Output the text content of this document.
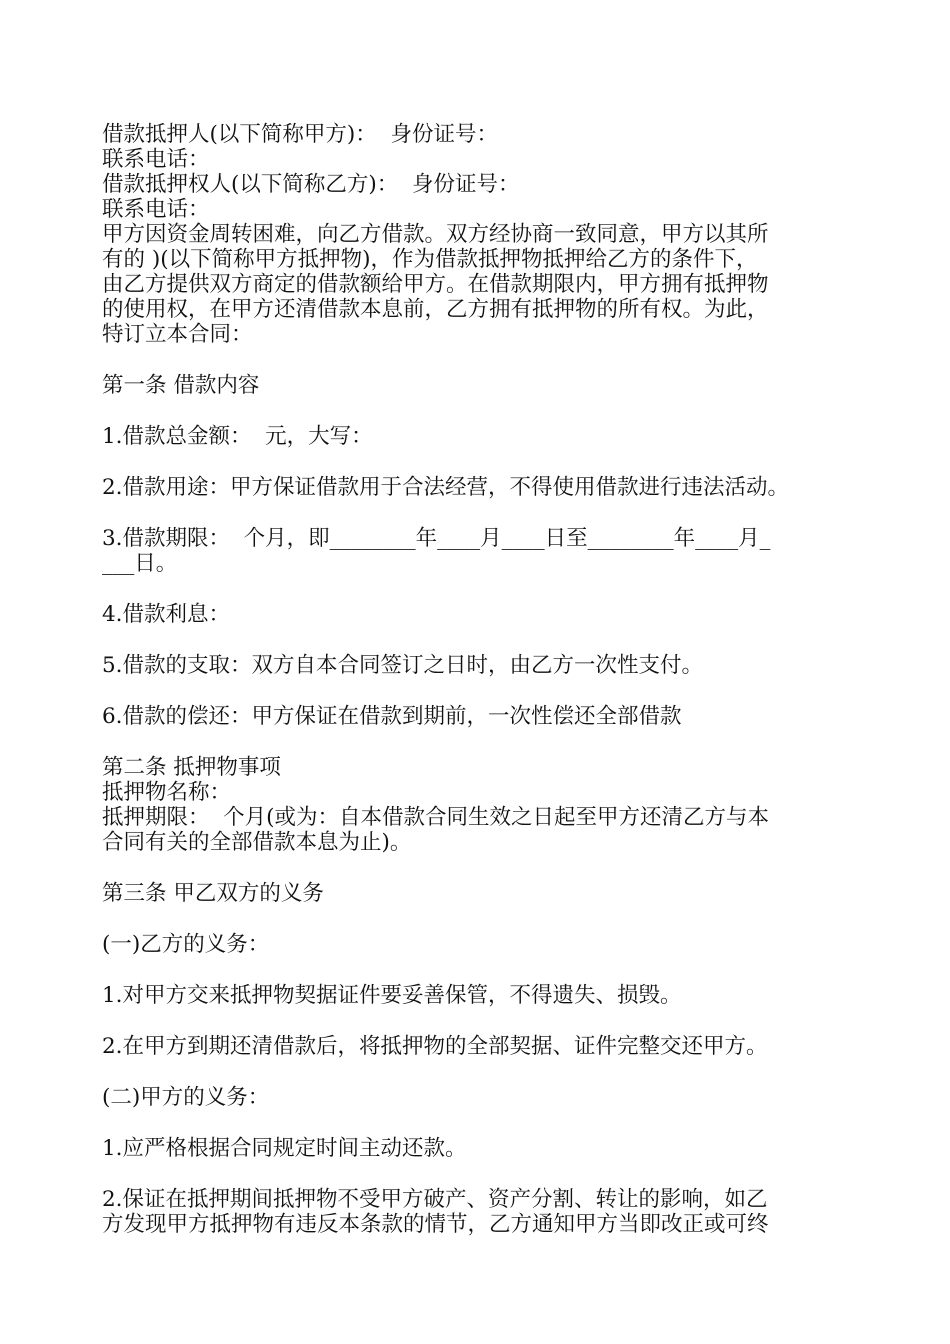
借款抵押人(以下简称甲方)：  身份证号：
联系电话：
借款抵押权人(以下简称乙方)：  身份证号：
联系电话：
甲方因资金周转困难，向乙方借款。双方经协商一致同意，甲方以其所
有的 )(以下简称甲方抵押物)，作为借款抵押物抵押给乙方的条件下，
由乙方提供双方商定的借款额给甲方。在借款期限内，甲方拥有抵押物
的使用权，在甲方还清借款本息前，乙方拥有抵押物的所有权。为此，
特订立本合同：
第一条 借款内容
1.借款总金额：  元，大写：
2.借款用途：甲方保证借款用于合法经营，不得使用借款进行违法活动。
3.借款期限：  个月，即________年____月____日至________年____月_
___日。
4.借款利息：
5.借款的支取：双方自本合同签订之日时，由乙方一次性支付。
6.借款的偿还：甲方保证在借款到期前，一次性偿还全部借款
第二条 抵押物事项
抵押物名称：
抵押期限：  个月(或为：自本借款合同生效之日起至甲方还清乙方与本
合同有关的全部借款本息为止)。
第三条 甲乙双方的义务
(一)乙方的义务：
1.对甲方交来抵押物契据证件要妥善保管，不得遗失、损毁。
2.在甲方到期还清借款后，将抵押物的全部契据、证件完整交还甲方。
(二)甲方的义务：
1.应严格根据合同规定时间主动还款。
2.保证在抵押期间抵押物不受甲方破产、资产分割、转让的影响，如乙
方发现甲方抵押物有违反本条款的情节，乙方通知甲方当即改正或可终
